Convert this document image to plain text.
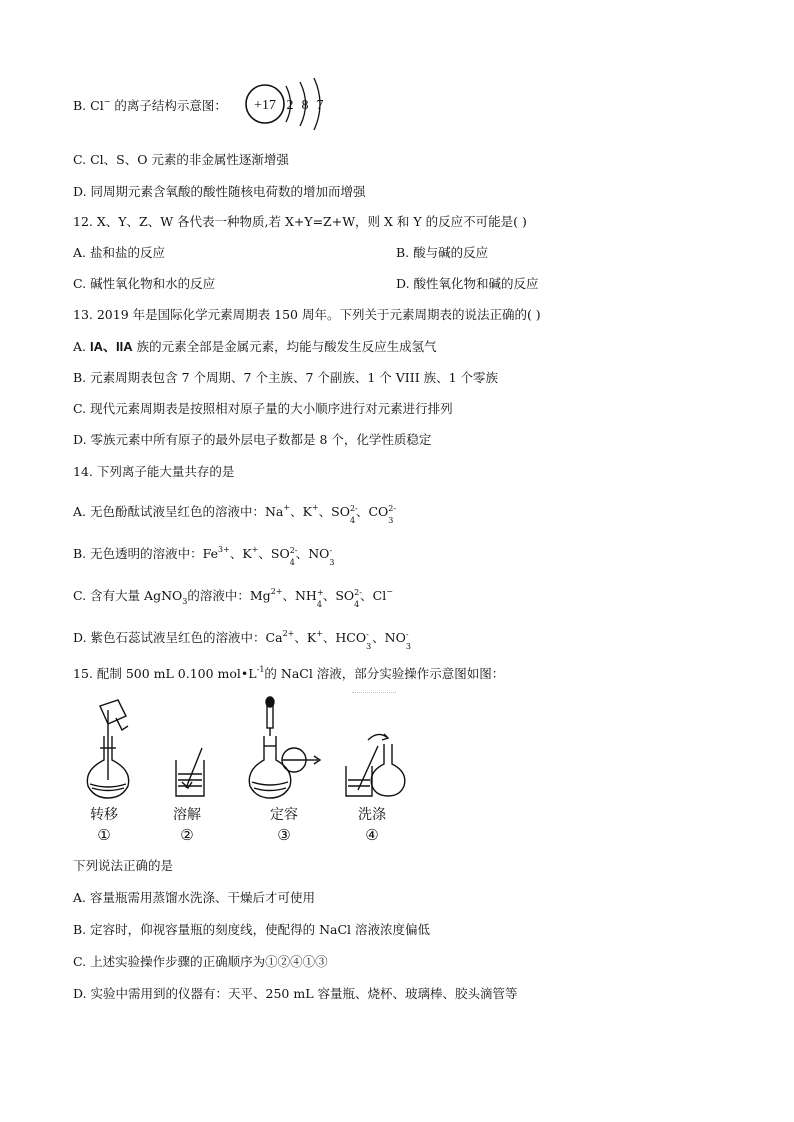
B. Cl− 的离子结构示意图： +17 2 8 7
C. Cl、S、O 元素的非金属性逐渐增强
D. 同周期元素含氧酸的酸性随核电荷数的增加而增强
12. X、Y、Z、W 各代表一种物质,若 X+Y=Z+W，则 X 和 Y 的反应不可能是( )
A. 盐和盐的反应	B. 酸与碱的反应
C. 碱性氧化物和水的反应	D. 酸性氧化物和碱的反应
13. 2019 年是国际化学元素周期表 150 周年。下列关于元素周期表的说法正确的( )
A. IA、IIA 族的元素全部是金属元素，均能与酸发生反应生成氢气
B. 元素周期表包含 7 个周期、7 个主族、7 个副族、1 个 VIII 族、1 个零族
C. 现代元素周期表是按照相对原子量的大小顺序进行对元素进行排列
D. 零族元素中所有原子的最外层电子数都是 8 个，化学性质稳定
14. 下列离子能大量共存的是
A. 无色酚酞试液呈红色的溶液中：Na+、K+、SO 2-
4
、CO 2-
3
B. 无色透明的溶液中：$Fe^{3+}$、K+、SO 2-
4
、NO -
3
C. 含有大量 AgNO$_3$的溶液中：$Mg^{2+}$、NH +
4
、SO 2-
4
、Cl−
D. 紫色石蕊试液呈红色的溶液中：$Ca^{2+}$、K+、HCO -
3
、NO -
3
15. 配制 500 mL 0.100 $mol•L^{-1}$的 NaCl 溶液，部分实验操作示意图如图：
转移	溶解	定容	洗涤
①	②	③	④
下列说法正确的是
A. 容量瓶需用蒸馏水洗涤、干燥后才可使用
B. 定容时，仰视容量瓶的刻度线，使配得的 NaCl 溶液浓度偏低
C. 上述实验操作步骤的正确顺序为①②④①③
D. 实验中需用到的仪器有：天平、250 mL 容量瓶、烧杯、玻璃棒、胶头滴管等
